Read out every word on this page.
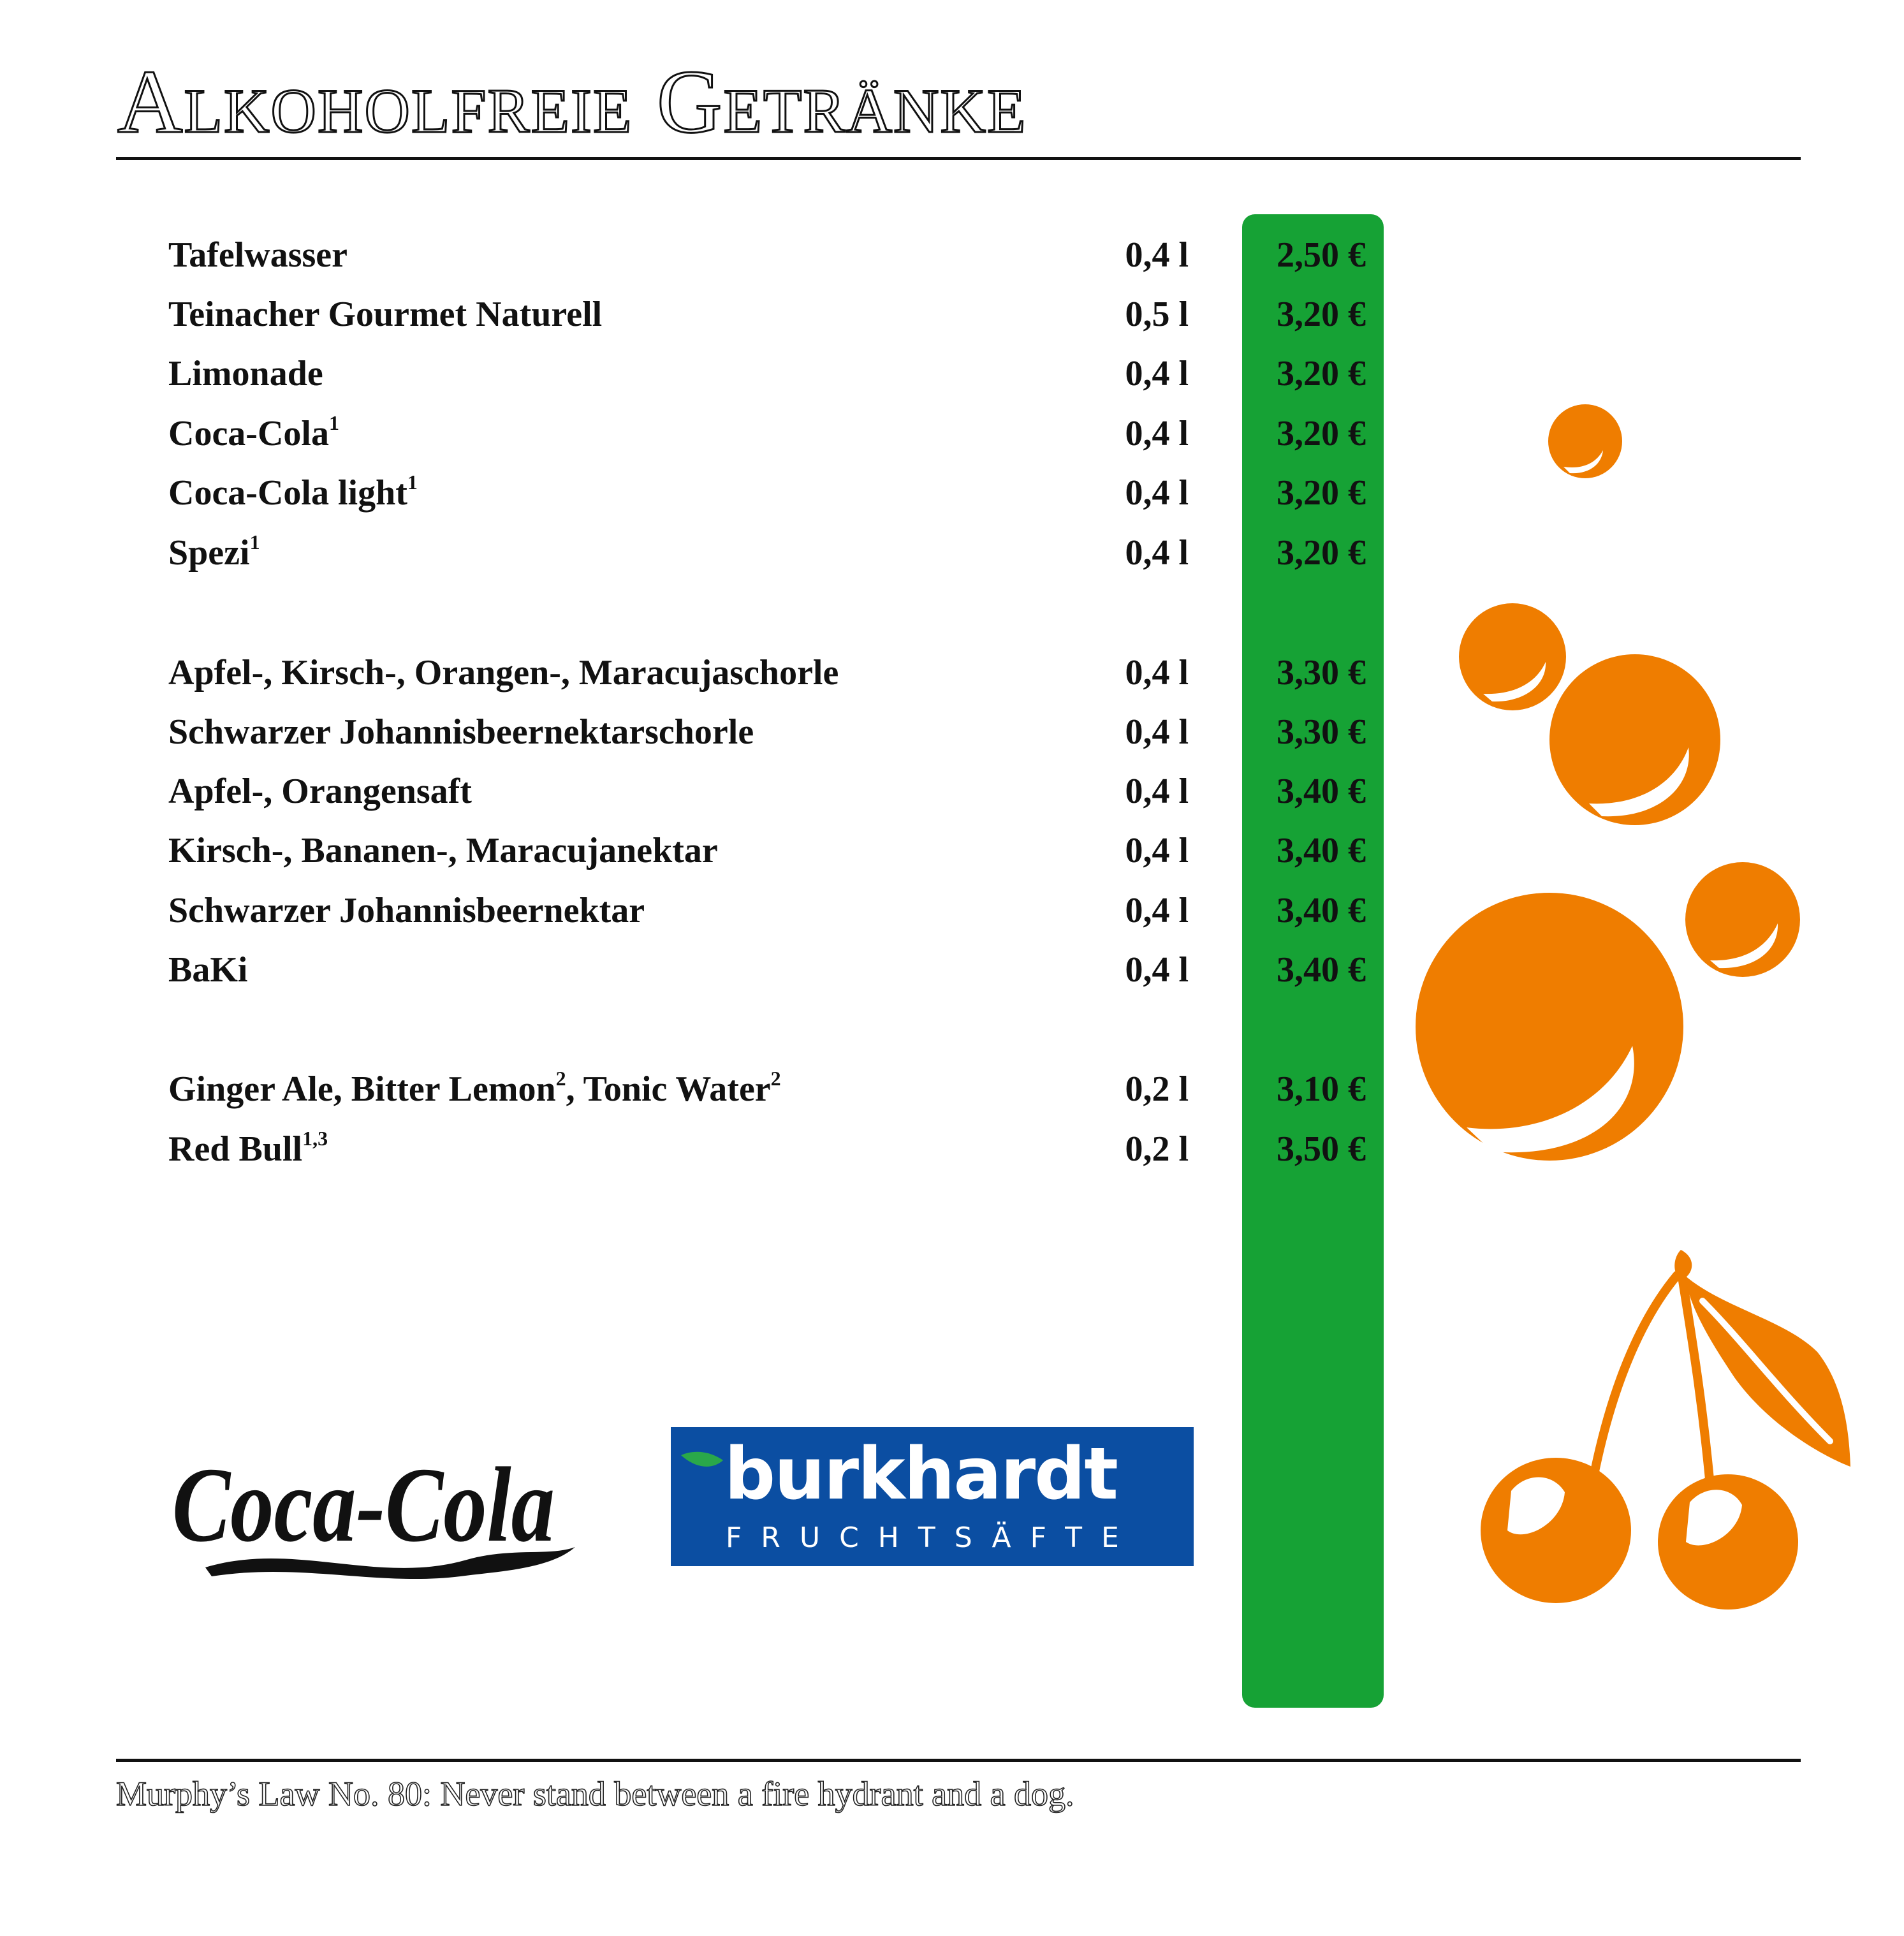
Alkoholfreie Getränke
Tafelwasser	0,4 l 2,50 €
Teinacher Gourmet Naturell	0,5 l 3,20 €
Limonade	0,4 l 3,20 €
Coca-Cola$^1$	0,4 l 3,20 €
Coca-Cola light$^1$	0,4 l 3,20 €
Spezi$^1$	0,4 l 3,20 €
Apfel-, Kirsch-, Orangen-, Maracujaschorle	0,4 l 3,30 €
Schwarzer Johannisbeernektarschorle	0,4 l 3,30 €
Apfel-, Orangensaft	0,4 l 3,40 €
Kirsch-, Bananen-, Maracujanektar	0,4 l 3,40 €
Schwarzer Johannisbeernektar	0,4 l 3,40 €
BaKi	0,4 l 3,40 €
Ginger Ale, Bitter Lemon$^2$, Tonic Water$^2$	0,2 l 3,10 €
Red Bull$^{1,3}$	0,2 l 3,50 €
Coca-Cola burkhardt
FRUCHTSÄFTE
Murphy’s Law No. 80: Never stand between a fire hydrant and a dog.
